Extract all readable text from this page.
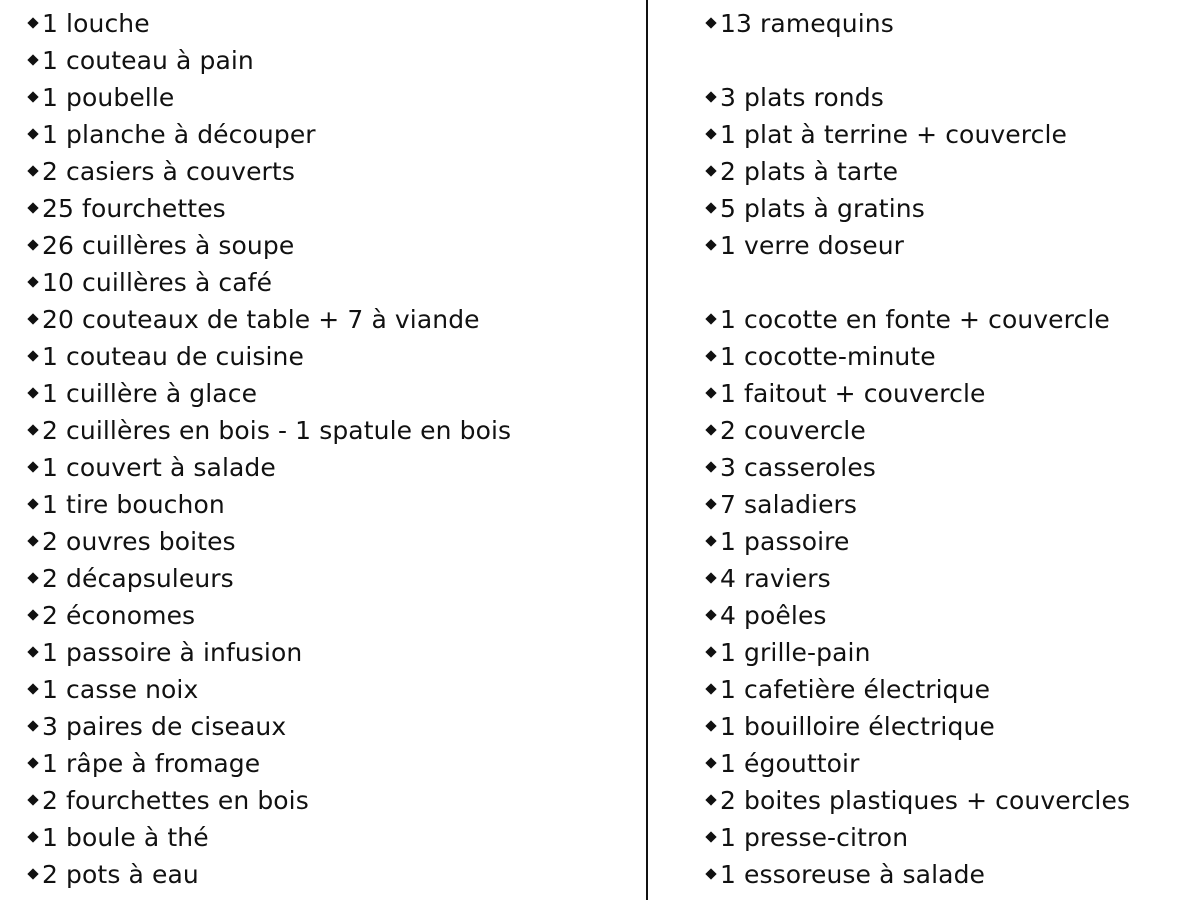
1 louche
1 couteau à pain
1 poubelle
1 planche à découper
2 casiers à couverts
25 fourchettes
26 cuillères à soupe
10 cuillères à café
20 couteaux de table + 7 à viande
1 couteau de cuisine
1 cuillère à glace
2 cuillères en bois - 1 spatule en bois
1 couvert à salade
1 tire bouchon
2 ouvres boites
2 décapsuleurs
2 économes
1 passoire à infusion
1 casse noix
3 paires de ciseaux
1 râpe à fromage
2 fourchettes en bois
1 boule à thé
2 pots à eau
13 ramequins
3 plats ronds
1 plat à terrine + couvercle
2 plats à tarte
5 plats à gratins
1 verre doseur
1 cocotte en fonte + couvercle
1 cocotte-minute
1 faitout + couvercle
2 couvercle
3 casseroles
7 saladiers
1 passoire
4 raviers
4 poêles
1 grille-pain
1 cafetière électrique
1 bouilloire électrique
1 égouttoir
2 boites plastiques + couvercles
1 presse-citron
1 essoreuse à salade
